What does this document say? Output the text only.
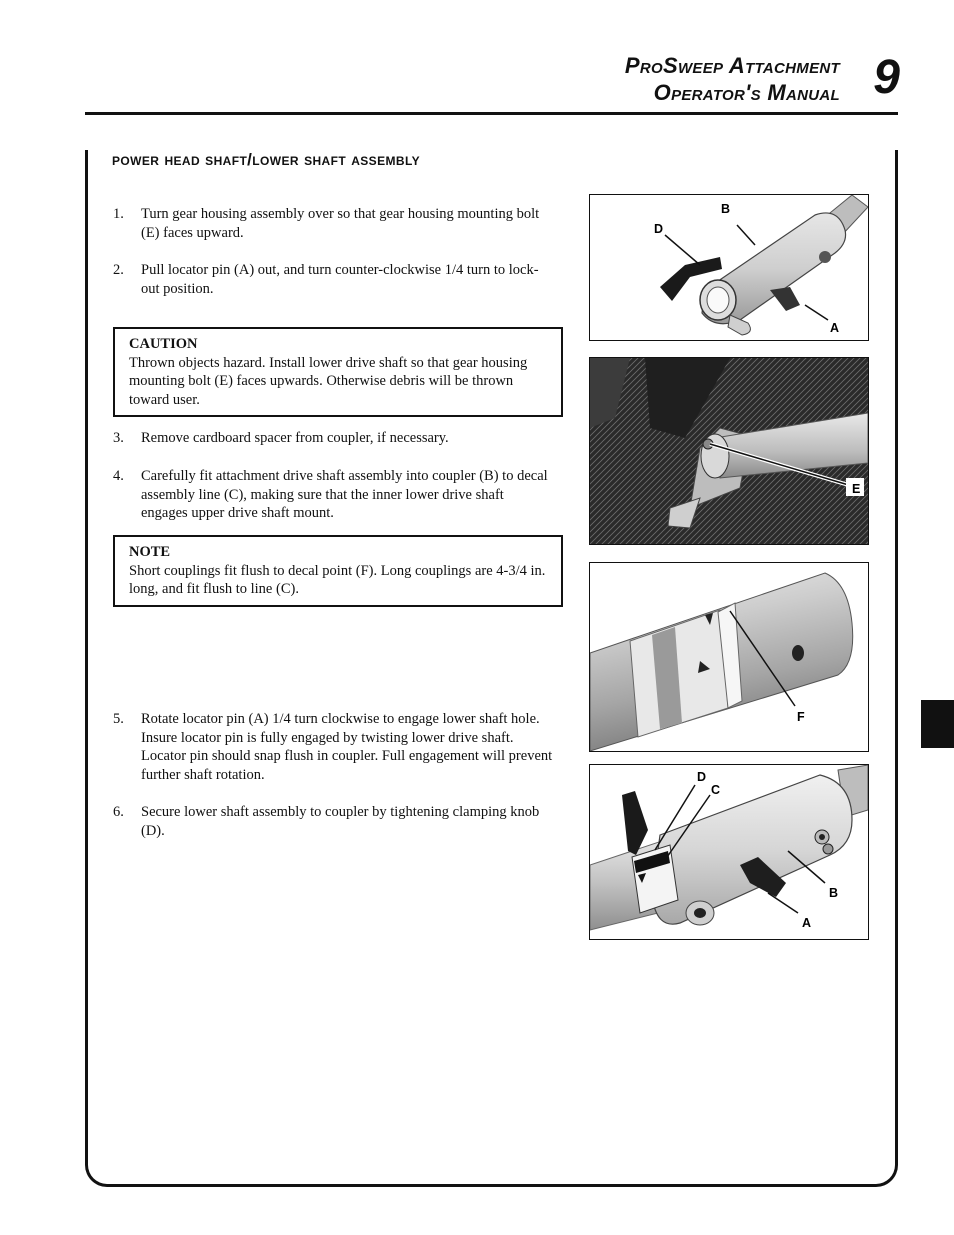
ProSweep Attachment
Operator's Manual 9
power head shaft/lower shaft assembly
1.	Turn gear housing assembly over so that gear housing mounting bolt (E) faces upward.
2.	Pull locator pin (A) out, and turn counter-clockwise 1/4 turn to lock-out position.
CAUTION
Thrown objects hazard. Install lower drive shaft so that gear housing mounting bolt (E) faces upwards. Otherwise debris will be thrown toward user.
3.	Remove cardboard spacer from coupler, if necessary.
4.	Carefully fit attachment drive shaft assembly into coupler (B) to decal assembly line (C), making sure that the inner lower drive shaft engages upper drive shaft mount.
NOTE
Short couplings fit flush to decal point (F). Long couplings are 4-3/4 in. long, and fit flush to line (C).
5.	Rotate locator pin (A) 1/4 turn clockwise to engage lower shaft hole. Insure locator pin is fully engaged by twisting lower drive shaft. Locator pin should snap flush in coupler. Full engagement will prevent further shaft rotation.
6.	Secure lower shaft assembly to coupler by tightening clamping knob (D).
B
D
A
E
F
D
C
B
A
